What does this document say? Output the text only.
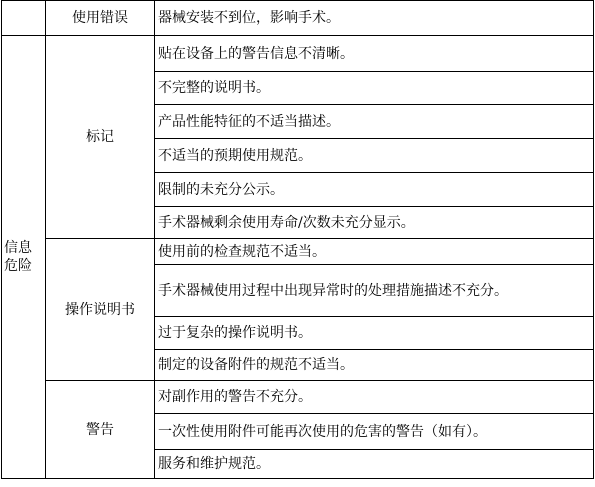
	使用错误	器械安装不到位，影响手术。
信息
危险	标记	贴在设备上的警告信息不清晰。
		不完整的说明书。
		产品性能特征的不适当描述。
		不适当的预期使用规范。
		限制的未充分公示。
		手术器械剩余使用寿命/次数未充分显示。
	操作说明书	使用前的检查规范不适当。
		手术器械使用过程中出现异常时的处理措施描述不充分。
		过于复杂的操作说明书。
		制定的设备附件的规范不适当。
	警告	对副作用的警告不充分。
		一次性使用附件可能再次使用的危害的警告（如有）。
		服务和维护规范。
